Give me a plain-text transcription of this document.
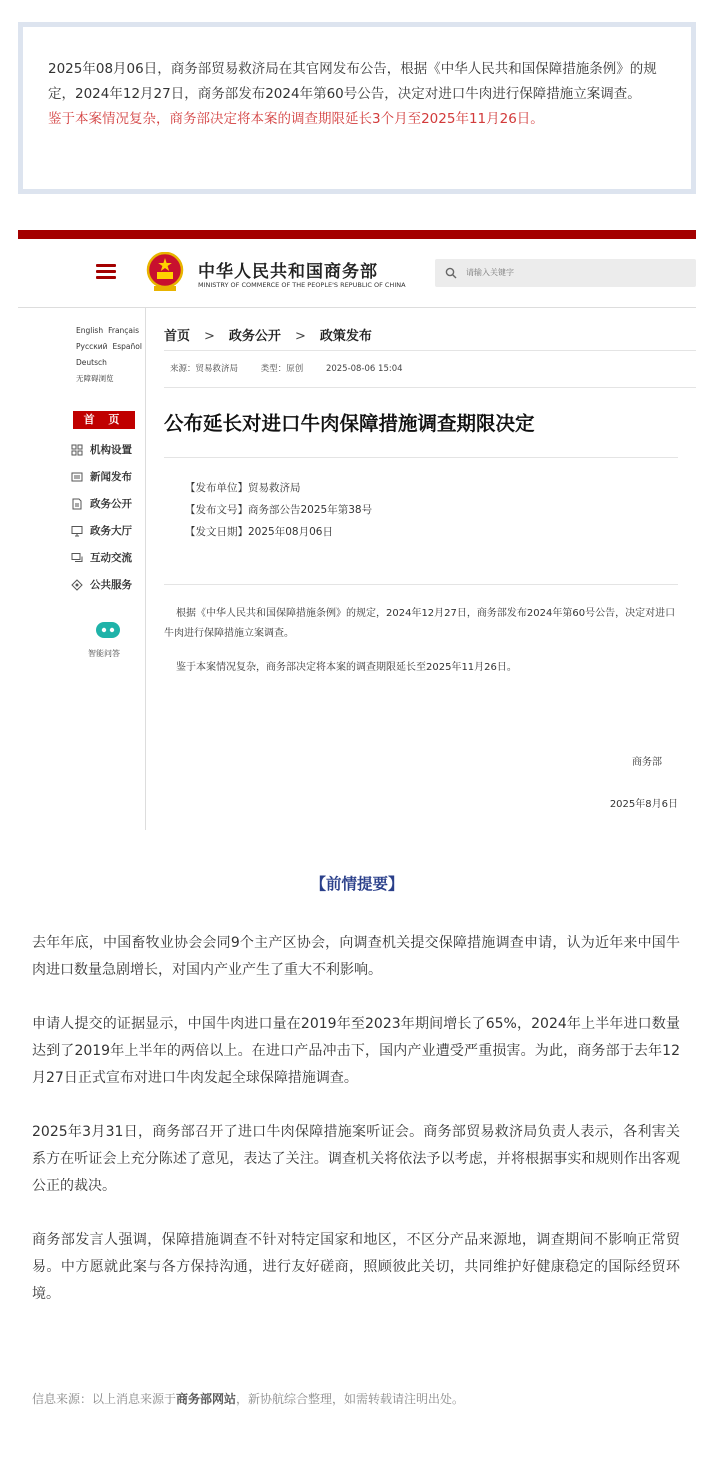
2025年08月06日，商务部贸易救济局在其官网发布公告，根据《中华人民共和国保障措施条例》的规定，2024年12月27日，商务部发布2024年第60号公告，决定对进口牛肉进行保障措施立案调查。
鉴于本案情况复杂，商务部决定将本案的调查期限延长3个月至2025年11月26日。
中华人民共和国商务部
MINISTRY OF COMMERCE OF THE PEOPLE'S REPUBLIC OF CHINA
请输入关键字
English Français
Русский Español
Deutsch
无障碍浏览
首 页
机构设置
新闻发布
政务公开
政务大厅
互动交流
公共服务
智能问答
首页 > 政务公开 > 政策发布
来源：贸易救济局	类型：原创	2025-08-06 15:04
公布延长对进口牛肉保障措施调查期限决定
【发布单位】贸易救济局
【发布文号】商务部公告2025年第38号
【发文日期】2025年08月06日

根据《中华人民共和国保障措施条例》的规定，2024年12月27日，商务部发布2024年第60号公告，决定对进口牛肉进行保障措施立案调查。

鉴于本案情况复杂，商务部决定将本案的调查期限延长至2025年11月26日。

商务部
2025年8月6日
【前情提要】

去年年底，中国畜牧业协会会同9个主产区协会，向调查机关提交保障措施调查申请，认为近年来中国牛肉进口数量急剧增长，对国内产业产生了重大不利影响。

申请人提交的证据显示，中国牛肉进口量在2019年至2023年期间增长了65%，2024年上半年进口数量达到了2019年上半年的两倍以上。在进口产品冲击下，国内产业遭受严重损害。为此，商务部于去年12月27日正式宣布对进口牛肉发起全球保障措施调查。

2025年3月31日，商务部召开了进口牛肉保障措施案听证会。商务部贸易救济局负责人表示，各利害关系方在听证会上充分陈述了意见，表达了关注。调查机关将依法予以考虑，并将根据事实和规则作出客观公正的裁决。

商务部发言人强调，保障措施调查不针对特定国家和地区，不区分产品来源地，调查期间不影响正常贸易。中方愿就此案与各方保持沟通，进行友好磋商，照顾彼此关切，共同维护好健康稳定的国际经贸环境。

信息来源：以上消息来源于商务部网站，新协航综合整理，如需转载请注明出处。
